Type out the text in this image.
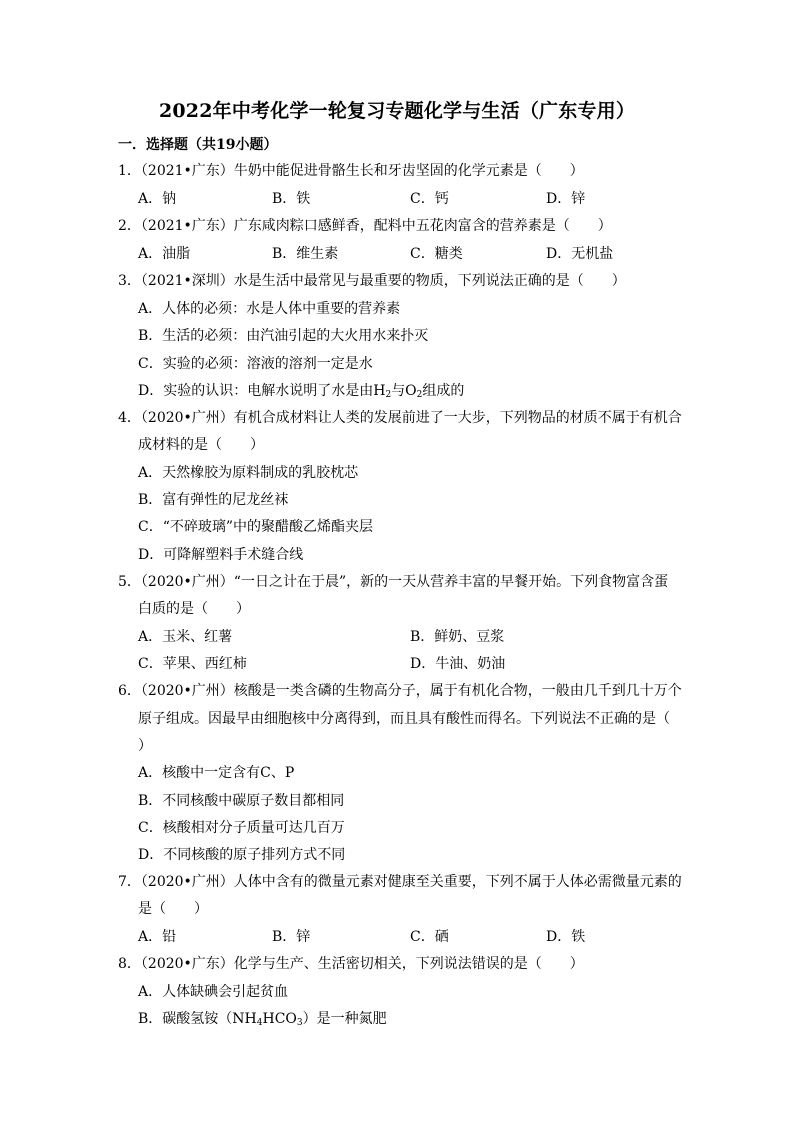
2022年中考化学一轮复习专题化学与生活（广东专用）
一．选择题（共19小题）
1．（2021•广东）牛奶中能促进骨骼生长和牙齿坚固的化学元素是（　　）
A．钠	B．铁	C．钙	D．锌
2．（2021•广东）广东咸肉粽口感鲜香，配料中五花肉富含的营养素是（　　）
A．油脂	B．维生素	C．糖类	D．无机盐
3．（2021•深圳）水是生活中最常见与最重要的物质，下列说法正确的是（　　）
A．人体的必须：水是人体中重要的营养素
B．生活的必须：由汽油引起的大火用水来扑灭
C．实验的必须：溶液的溶剂一定是水
D．实验的认识：电解水说明了水是由$H_2$与$O_2$组成的
4．（2020•广州）有机合成材料让人类的发展前进了一大步，下列物品的材质不属于有机合
成材料的是（　　）
A．天然橡胶为原料制成的乳胶枕芯
B．富有弹性的尼龙丝袜
C．“不碎玻璃”中的聚醋酸乙烯酯夹层
D．可降解塑料手术缝合线
5．（2020•广州）“一日之计在于晨”，新的一天从营养丰富的早餐开始。下列食物富含蛋
白质的是（　　）
A．玉米、红薯	B．鲜奶、豆浆
C．苹果、西红柿	D．牛油、奶油
6．（2020•广州）核酸是一类含磷的生物高分子，属于有机化合物，一般由几千到几十万个
原子组成。因最早由细胞核中分离得到，而且具有酸性而得名。下列说法不正确的是（
）
A．核酸中一定含有C、P
B．不同核酸中碳原子数目都相同
C．核酸相对分子质量可达几百万
D．不同核酸的原子排列方式不同
7．（2020•广州）人体中含有的微量元素对健康至关重要，下列不属于人体必需微量元素的
是（　　）
A．铅	B．锌	C．硒	D．铁
8．（2020•广东）化学与生产、生活密切相关，下列说法错误的是（　　）
A．人体缺碘会引起贫血
B．碳酸氢铵$(NH_4HCO_3)$是一种氮肥
